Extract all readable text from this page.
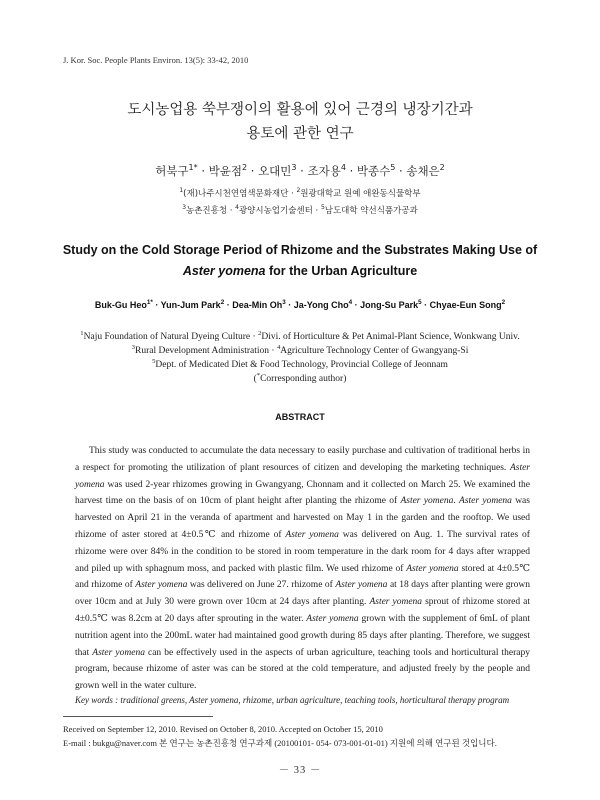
J. Kor. Soc. People Plants Environ. 13(5): 33-42, 2010
도시농업용 쑥부쟁이의 활용에 있어 근경의 냉장기간과
용토에 관한 연구
허북구$^{1*}$ · 박윤점$^2$ · 오대민$^3$ · 조자용$^4$ · 박종수$^5$ · 송채은$^2$
$^1$(재)나주시천연염색문화재단 · $^2$원광대학교 원예 애완동식물학부
$^3$농촌진흥청 · $^4$광양시농업기술센터 · $^5$남도대학 약선식품가공과
Study on the Cold Storage Period of Rhizome and the Substrates Making Use of
Aster yomena for the Urban Agriculture
Buk-Gu Heo$^{1*}$ · Yun-Jum Park$^2$ · Dea-Min $Oh^3$ · Ja-Yong Cho$^4$ · Jong-Su Park$^5$ · Chyae-Eun Song$^2$
$^1$Naju Foundation of Natural Dyeing Culture · $^2$Divi. of Horticulture & Pet Animal-Plant Science, Wonkwang Univ.
$^3$Rural Development Administration · $^4$Agriculture Technology Center of Gwangyang-Si
$^5$Dept. of Medicated Diet & Food Technology, Provincial College of Jeonnam
(*Corresponding author)
ABSTRACT
This study was conducted to accumulate the data necessary to easily purchase and cultivation of traditional herbs in a respect for promoting the utilization of plant resources of citizen and developing the marketing techniques. Aster yomena was used 2-year rhizomes growing in Gwangyang, Chonnam and it collected on March 25. We examined the harvest time on the basis of on 10cm of plant height after planting the rhizome of Aster yomena. Aster yomena was harvested on April 21 in the veranda of apartment and harvested on May 1 in the garden and the rooftop. We used rhizome of aster stored at 4±0.5℃ and rhizome of Aster yomena was delivered on Aug. 1. The survival rates of rhizome were over 84% in the condition to be stored in room temperature in the dark room for 4 days after wrapped and piled up with sphagnum moss, and packed with plastic film. We used rhizome of Aster yomena stored at 4±0.5℃ and rhizome of Aster yomena was delivered on June 27. rhizome of Aster yomena at 18 days after planting were grown over 10cm and at July 30 were grown over 10cm at 24 days after planting. Aster yomena sprout of rhizome stored at 4±0.5℃ was 8.2cm at 20 days after sprouting in the water. Aster yomena grown with the supplement of 6mL of plant nutrition agent into the 200mL water had maintained good growth during 85 days after planting. Therefore, we suggest that Aster yomena can be effectively used in the aspects of urban agriculture, teaching tools and horticultural therapy program, because rhizome of aster was can be stored at the cold temperature, and adjusted freely by the people and grown well in the water culture.
Key words : traditional greens, Aster yomena, rhizome, urban agriculture, teaching tools, horticultural therapy program
Received on September 12, 2010. Revised on October 8, 2010. Accepted on October 15, 2010
E-mail : bukgu@naver.com 본 연구는 농촌진흥청 연구과제 (20100101- 054- 073-001-01-01) 지원에 의해 연구된 것입니다.
－ 33 －
